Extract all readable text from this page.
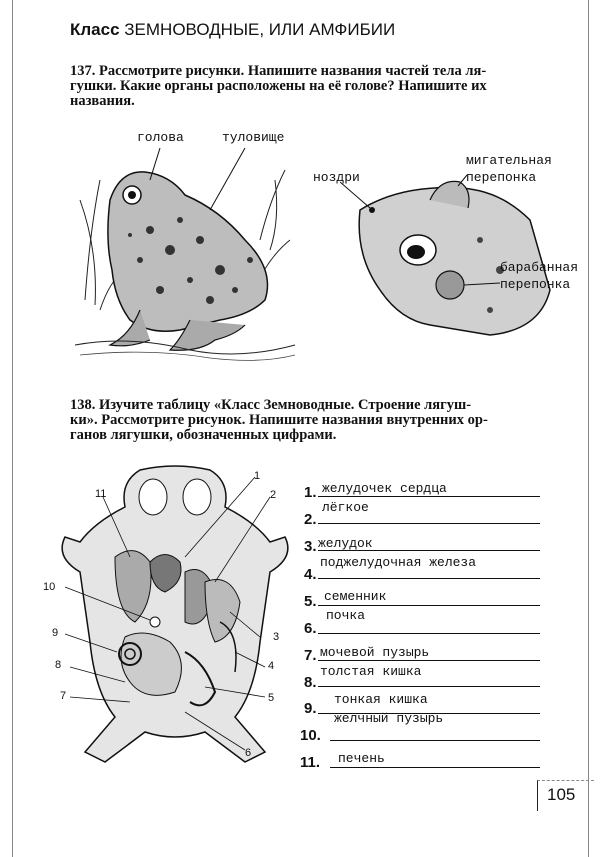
Класс ЗЕМНОВОДНЫЕ, ИЛИ АМФИБИИ
137. Рассмотрите рисунки. Напишите названия частей тела ля-
гушки. Какие органы расположены на её голове? Напишите их
названия.
голова	туловище
ноздри
мигательная
перепонка
барабанная
перепонка
138. Изучите таблицу «Класс Земноводные. Строение лягуш-
ки». Рассмотрите рисунок. Напишите названия внутренних ор-
ганов лягушки, обозначенных цифрами.
1
2
3
4
5
6
7
8
9
10
11	1. желудочек сердца
2.
лёгкое
3. желудок
4.
поджелудочная железа
5. семенник
6.
почка
7. мочевой пузырь
8.
толстая кишка
9.
тонкая кишка
10.
желчный пузырь
11. печень
105
